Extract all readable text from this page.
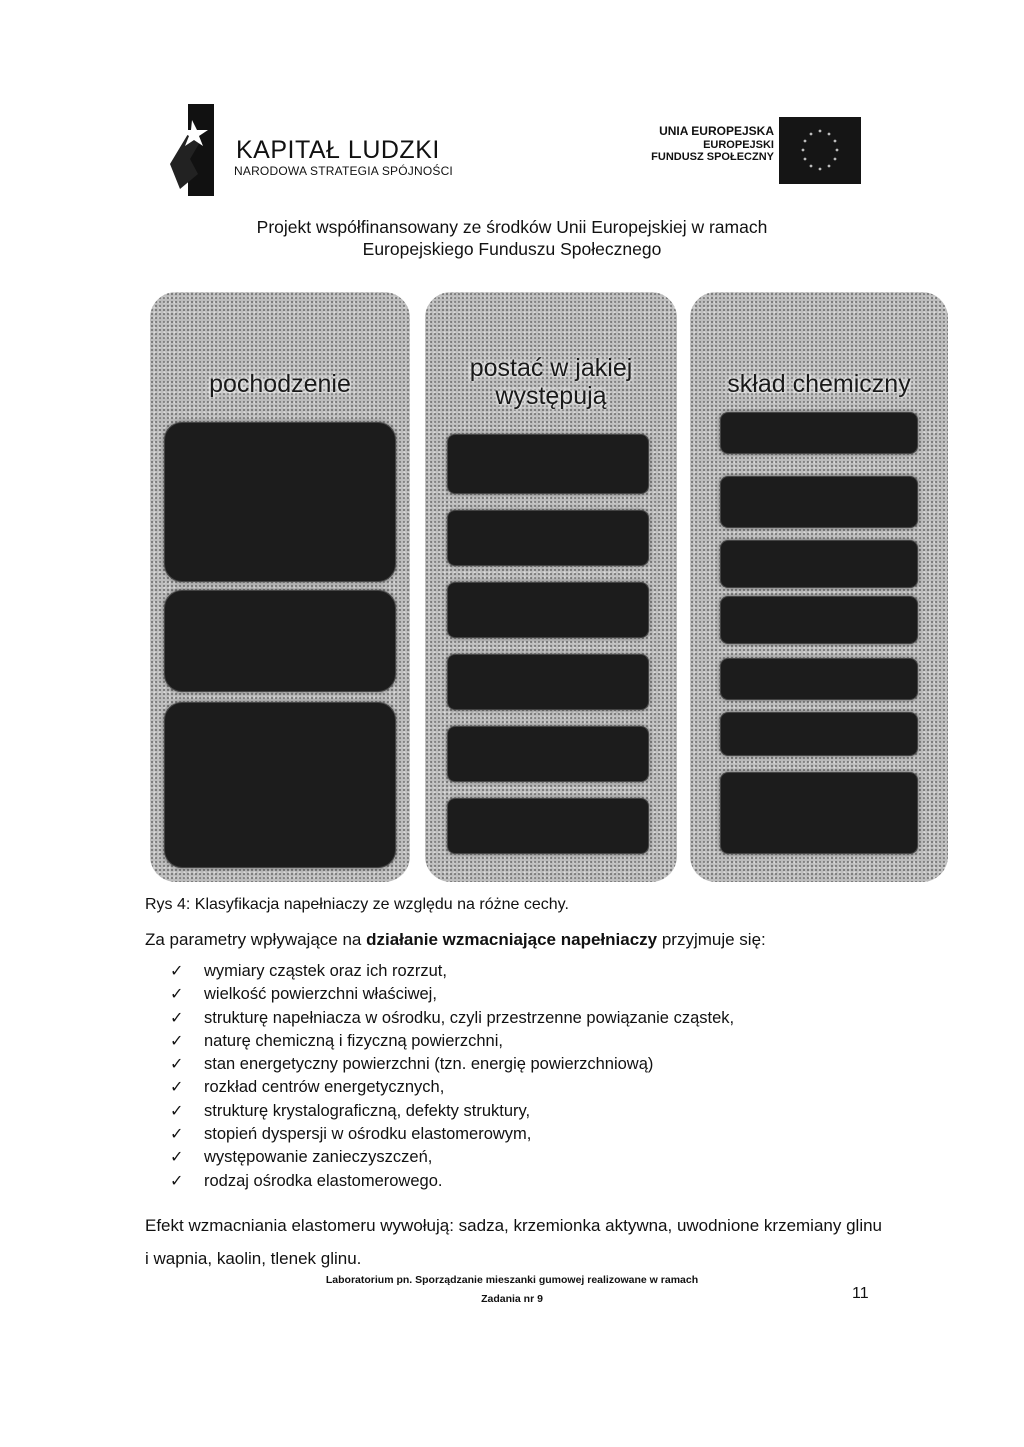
KAPITAŁ LUDZKI
NARODOWA STRATEGIA SPÓJNOŚCI
UNIA EUROPEJSKA
EUROPEJSKI
FUNDUSZ SPOŁECZNY
Projekt współfinansowany ze środków Unii Europejskiej w ramach
Europejskiego Funduszu Społecznego
pochodzenie
postać w jakiej występują	skład chemiczny
Rys 4: Klasyfikacja napełniaczy ze względu na różne cechy.
Za parametry wpływające na działanie wzmacniające napełniaczy przyjmuje się:
✓	wymiary cząstek oraz ich rozrzut,
✓	wielkość powierzchni właściwej,
✓	strukturę napełniacza w ośrodku, czyli przestrzenne powiązanie cząstek,
✓	naturę chemiczną i fizyczną powierzchni,
✓	stan energetyczny powierzchni (tzn. energię powierzchniową)
✓	rozkład centrów energetycznych,
✓	strukturę krystalograficzną, defekty struktury,
✓	stopień dyspersji w ośrodku elastomerowym,
✓	występowanie zanieczyszczeń,
✓	rodzaj ośrodka elastomerowego.
Efekt wzmacniania elastomeru wywołują: sadza, krzemionka aktywna, uwodnione krzemiany glinu i wapnia, kaolin, tlenek glinu.
Laboratorium pn. Sporządzanie mieszanki gumowej realizowane w ramach
Zadania nr 9	11
